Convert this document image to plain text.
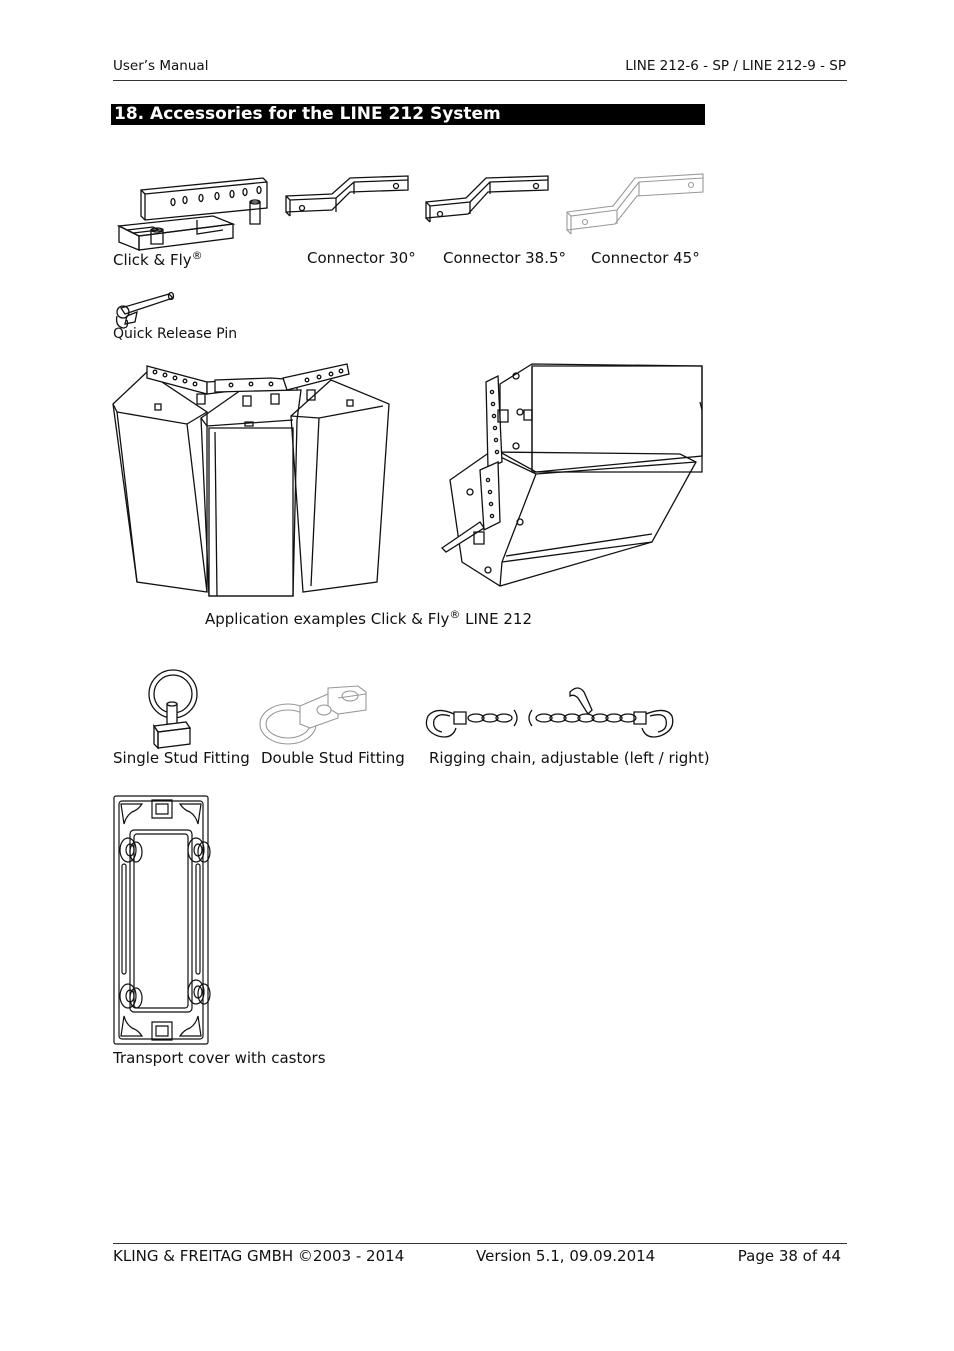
User’s Manual	LINE 212-6 - SP / LINE 212-9 - SP
18. Accessories for the LINE 212 System
Click & Fly®	Connector 30° Connector 38.5° Connector 45°
Quick Release Pin
Application examples Click & Fly® LINE 212
Single Stud Fitting Double Stud Fitting Rigging chain, adjustable (left / right)
Transport cover with castors
KLING & FREITAG GMBH ©2003 - 2014	Version 5.1, 09.09.2014	Page 38 of 44
